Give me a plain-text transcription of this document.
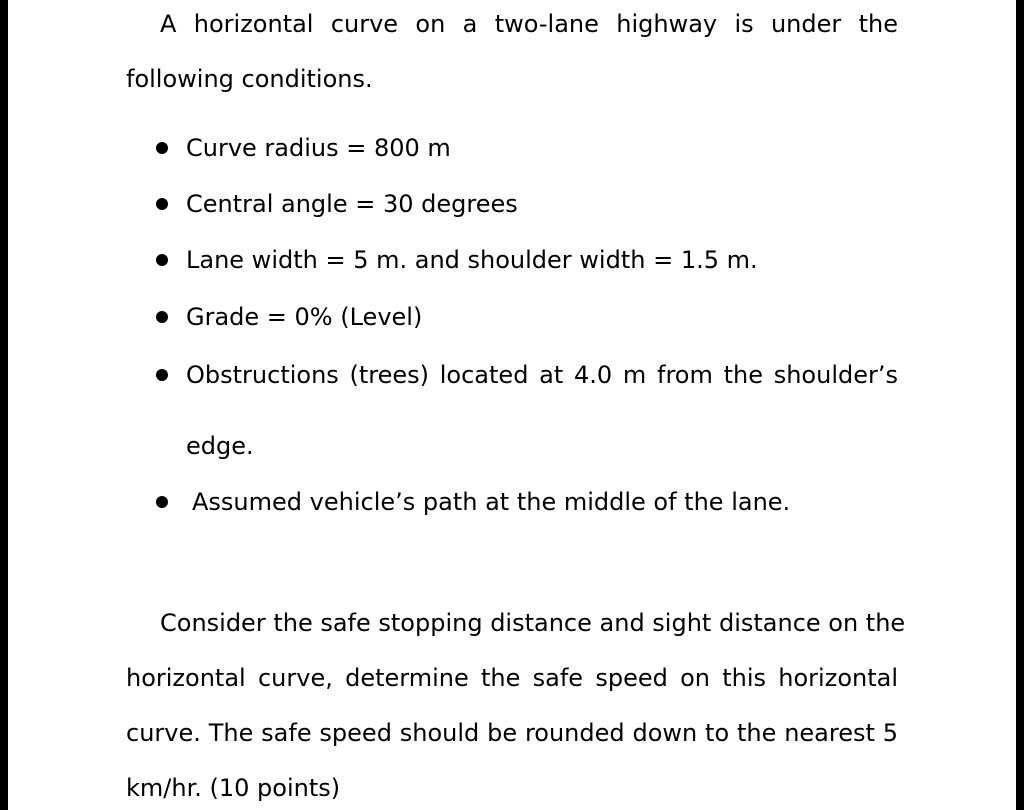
A horizontal curve on a two-lane highway is under the
following conditions.
Curve radius = 800 m
Central angle = 30 degrees
Lane width = 5 m. and shoulder width = 1.5 m.
Grade = 0% (Level)
Obstructions (trees) located at 4.0 m from the shoulder’s
edge.
Assumed vehicle’s path at the middle of the lane.
Consider the safe stopping distance and sight distance on the
horizontal curve, determine the safe speed on this horizontal
curve. The safe speed should be rounded down to the nearest 5
km/hr. (10 points)
